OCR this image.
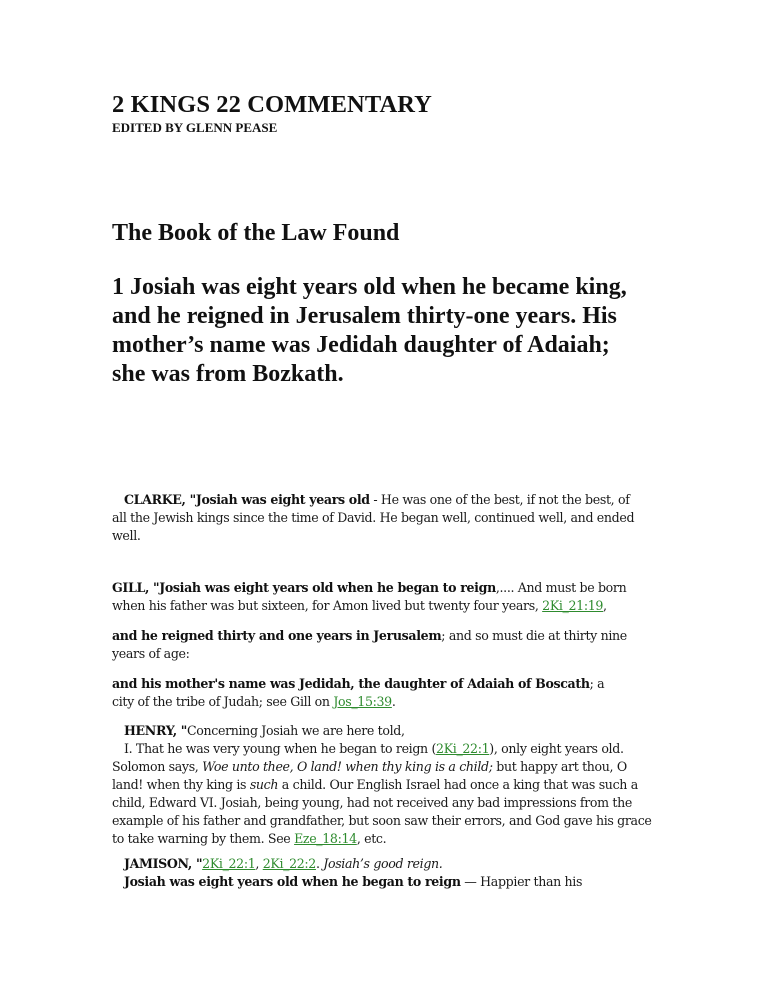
2 KINGS 22 COMMENTARY
EDITED BY GLENN PEASE
The Book of the Law Found

1 Josiah was eight years old when he became king,
and he reigned in Jerusalem thirty-one years. His
mother’s name was Jedidah daughter of Adaiah;
she was from Bozkath.

CLARKE, "Josiah was eight years old - He was one of the best, if not the best, of
all the Jewish kings since the time of David. He began well, continued well, and ended
well.

GILL, "Josiah was eight years old when he began to reign,.... And must be born
when his father was but sixteen, for Amon lived but twenty four years, 2Ki_21:19,

and he reigned thirty and one years in Jerusalem; and so must die at thirty nine
years of age:

and his mother's name was Jedidah, the daughter of Adaiah of Boscath; a
city of the tribe of Judah; see Gill on Jos_15:39.

HENRY, "Concerning Josiah we are here told,
I. That he was very young when he began to reign (2Ki_22:1), only eight years old.
Solomon says, Woe unto thee, O land! when thy king is a child; but happy art thou, O
land! when thy king is such a child. Our English Israel had once a king that was such a
child, Edward VI. Josiah, being young, had not received any bad impressions from the
example of his father and grandfather, but soon saw their errors, and God gave his grace
to take warning by them. See Eze_18:14, etc.

JAMISON, "2Ki_22:1, 2Ki_22:2. Josiah’s good reign.
Josiah was eight years old when he began to reign — Happier than his
